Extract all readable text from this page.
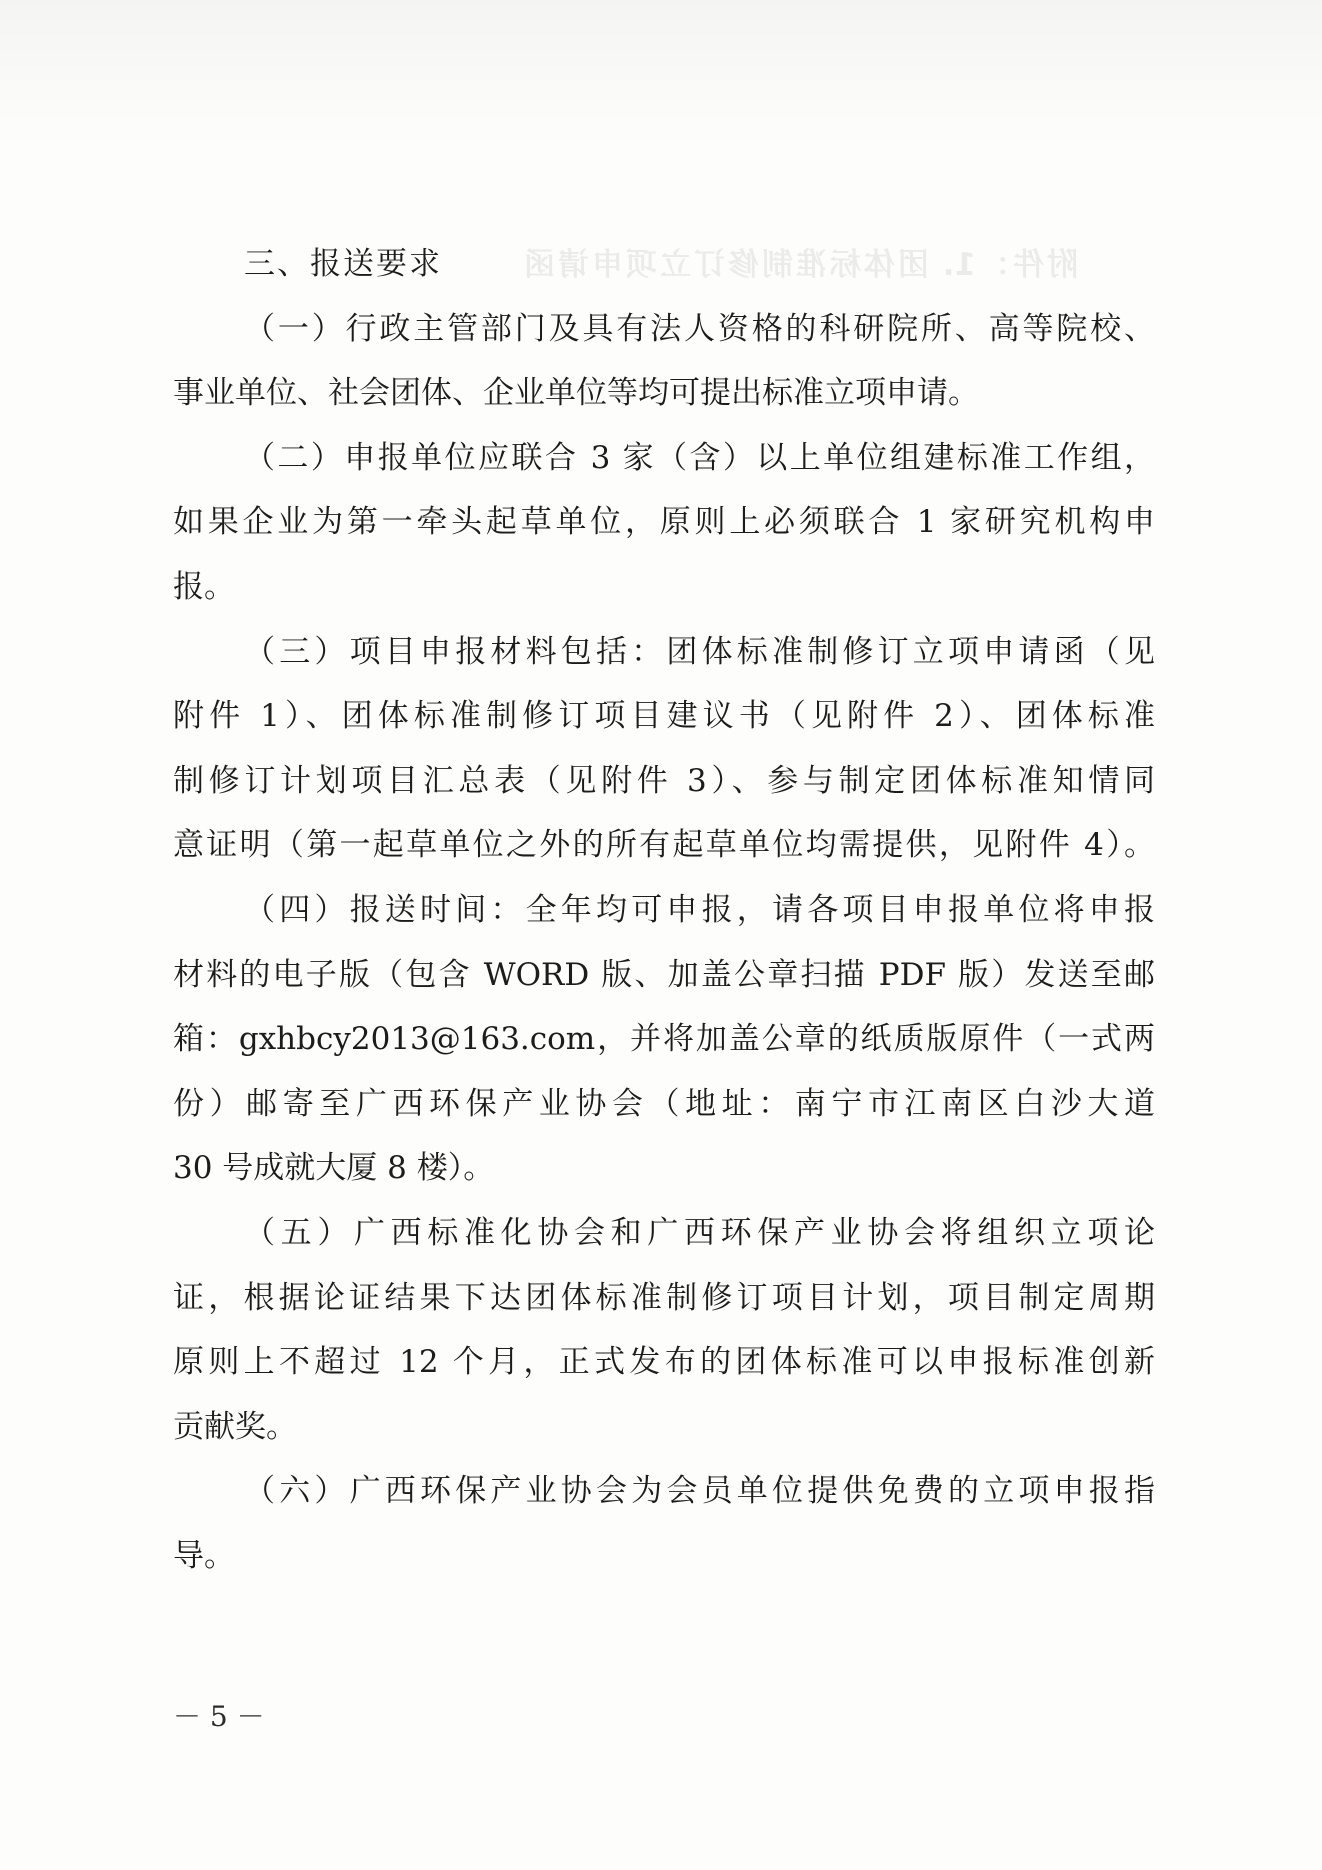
附件：1. 团体标准制修订立项申请函
三、报送要求
（一）行政主管部门及具有法人资格的科研院所、高等院校、
事业单位、社会团体、企业单位等均可提出标准立项申请。
（二）申报单位应联合 3 家（含）以上单位组建标准工作组，
如果企业为第一牵头起草单位，原则上必须联合 1 家研究机构申
报。
（三）项目申报材料包括：团体标准制修订立项申请函（见
附件 1）、团体标准制修订项目建议书（见附件 2）、团体标准
制修订计划项目汇总表（见附件 3）、参与制定团体标准知情同
意证明（第一起草单位之外的所有起草单位均需提供，见附件 4）。
（四）报送时间：全年均可申报，请各项目申报单位将申报
材料的电子版（包含 WORD 版、加盖公章扫描 PDF 版）发送至邮
箱：gxhbcy2013@163.com，并将加盖公章的纸质版原件（一式两
份）邮寄至广西环保产业协会（地址：南宁市江南区白沙大道
30 号成就大厦 8 楼）。
（五）广西标准化协会和广西环保产业协会将组织立项论
证，根据论证结果下达团体标准制修订项目计划，项目制定周期
原则上不超过 12 个月，正式发布的团体标准可以申报标准创新
贡献奖。
（六）广西环保产业协会为会员单位提供免费的立项申报指
导。
－ 5 －
